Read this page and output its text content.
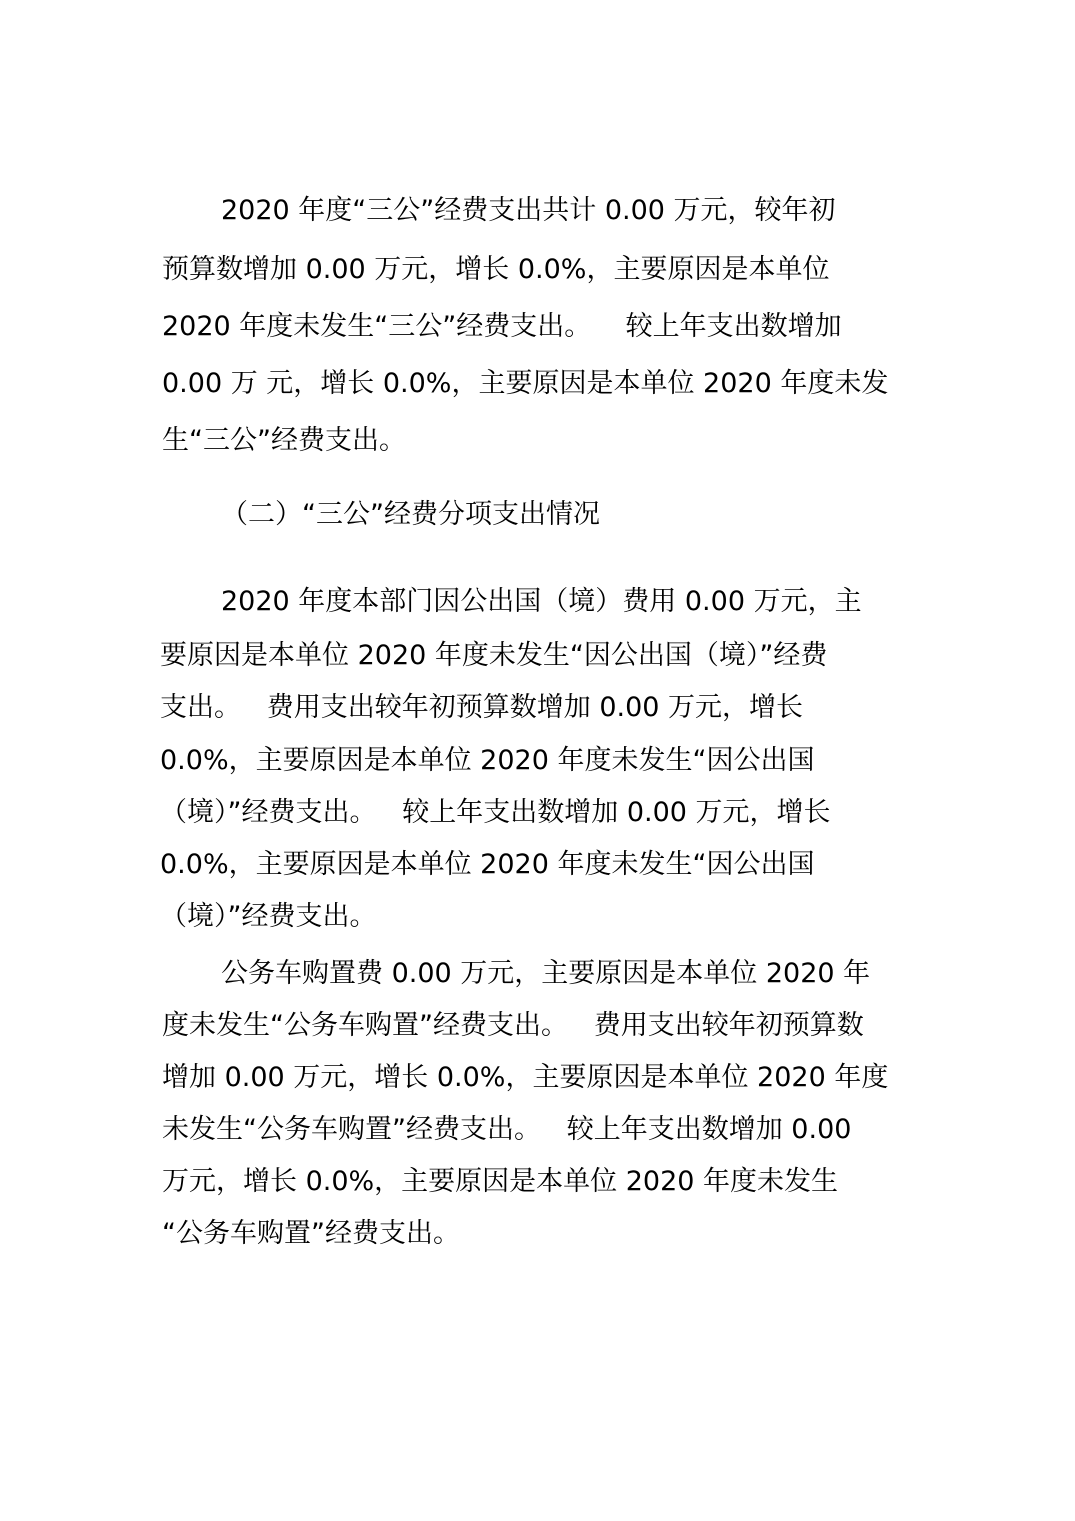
2020 年度“三公”经费支出共计 0.00 万元，较年初
预算数增加 0.00 万元，增长 0.0%，主要原因是本单位
2020 年度未发生“三公”经费支出。    较上年支出数增加
0.00 万 元，增长 0.0%，主要原因是本单位 2020 年度未发
生“三公”经费支出。
（二）“三公”经费分项支出情况
2020 年度本部门因公出国（境）费用 0.00 万元，主
要原因是本单位 2020 年度未发生“因公出国（境）”经费
支出。   费用支出较年初预算数增加 0.00 万元，增长
0.0%，主要原因是本单位 2020 年度未发生“因公出国
（境）”经费支出。   较上年支出数增加 0.00 万元，增长
0.0%，主要原因是本单位 2020 年度未发生“因公出国
（境）”经费支出。
公务车购置费 0.00 万元，主要原因是本单位 2020 年
度未发生“公务车购置”经费支出。   费用支出较年初预算数
增加 0.00 万元，增长 0.0%，主要原因是本单位 2020 年度
未发生“公务车购置”经费支出。   较上年支出数增加 0.00
万元，增长 0.0%，主要原因是本单位 2020 年度未发生
“公务车购置”经费支出。
